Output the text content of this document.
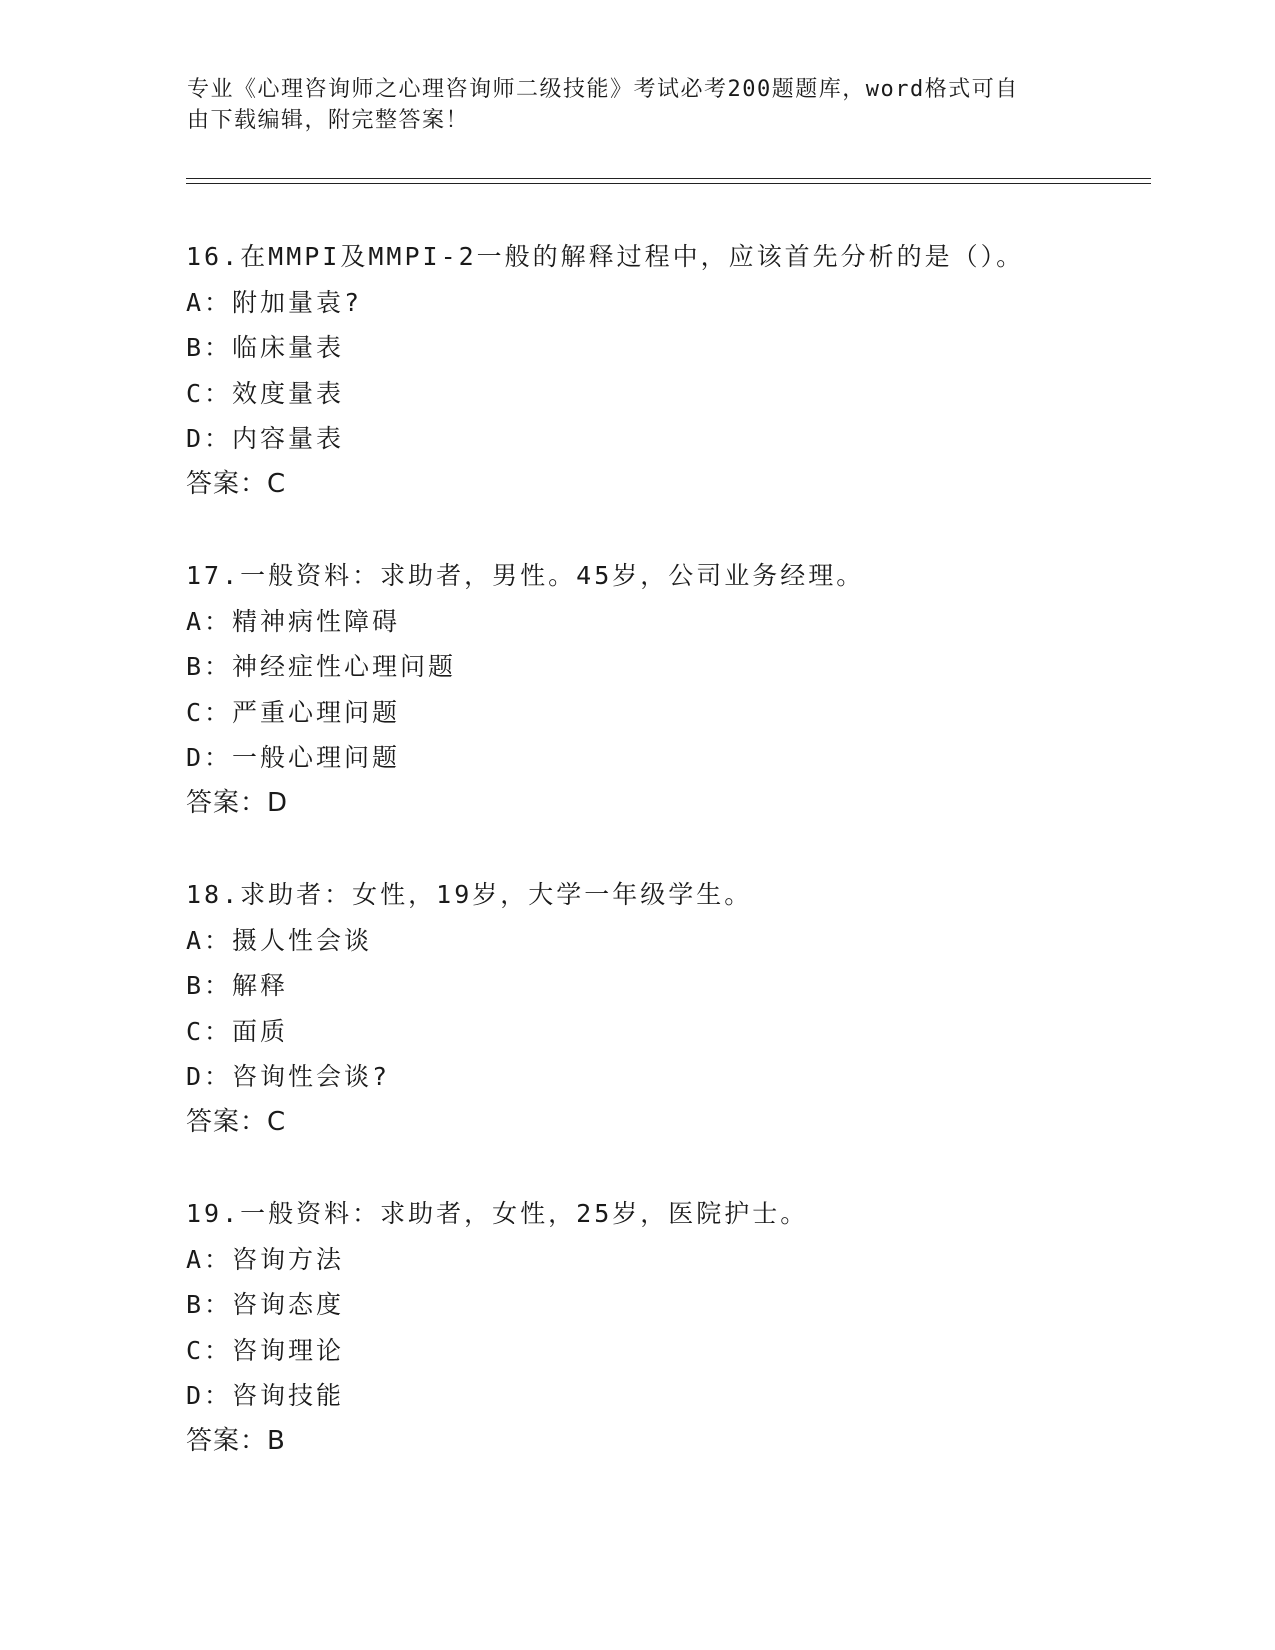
专业《心理咨询师之心理咨询师二级技能》考试必考200题题库，word格式可自
由下载编辑，附完整答案！
16.在MMPI及MMPI-2一般的解释过程中，应该首先分析的是（）。
A：附加量袁?
B：临床量表
C：效度量表
D：内容量表
答案：C
17.一般资料：求助者，男性。45岁，公司业务经理。
A：精神病性障碍
B：神经症性心理问题
C：严重心理问题
D：一般心理问题
答案：D
18.求助者：女性，19岁，大学一年级学生。
A：摄人性会谈
B：解释
C：面质
D：咨询性会谈?
答案：C
19.一般资料：求助者，女性，25岁，医院护士。
A：咨询方法
B：咨询态度
C：咨询理论
D：咨询技能
答案：B
